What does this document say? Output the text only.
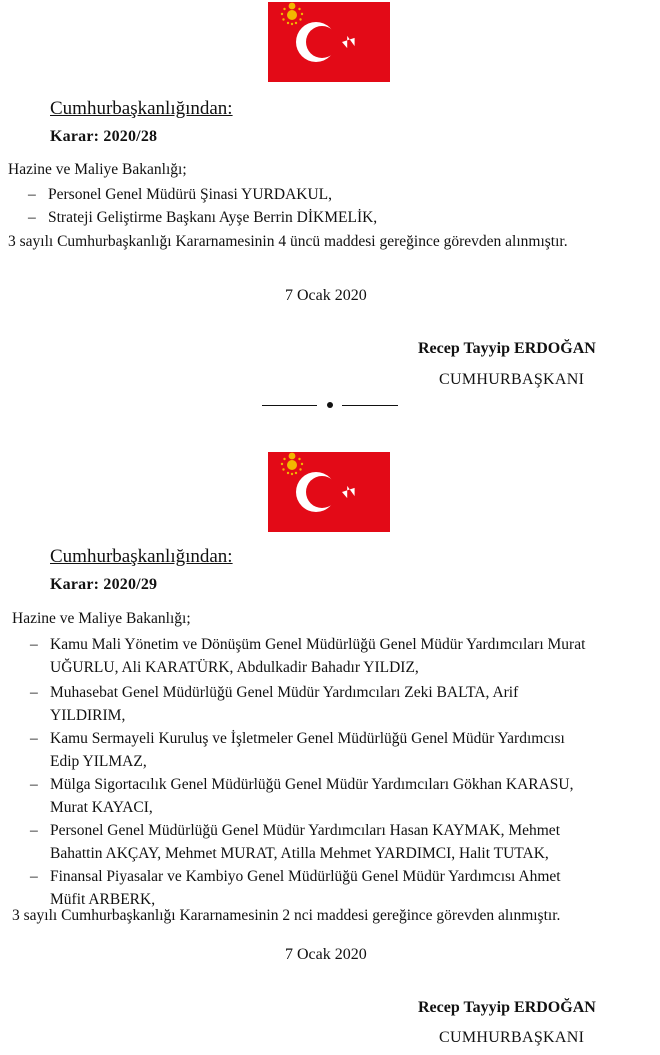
Cumhurbaşkanlığından:
Karar: 2020/28
Hazine ve Maliye Bakanlığı;
– Personel Genel Müdürü Şinasi YURDAKUL,
– Strateji Geliştirme Başkanı Ayşe Berrin DİKMELİK,
3 sayılı Cumhurbaşkanlığı Kararnamesinin 4 üncü maddesi gereğince görevden alınmıştır.
7 Ocak 2020
Recep Tayyip ERDOĞAN
CUMHURBAŞKANI
Cumhurbaşkanlığından:
Karar: 2020/29
Hazine ve Maliye Bakanlığı;
– Kamu Mali Yönetim ve Dönüşüm Genel Müdürlüğü Genel Müdür Yardımcıları Murat
UĞURLU, Ali KARATÜRK, Abdulkadir Bahadır YILDIZ,
– Muhasebat Genel Müdürlüğü Genel Müdür Yardımcıları Zeki BALTA, Arif
YILDIRIM,
– Kamu Sermayeli Kuruluş ve İşletmeler Genel Müdürlüğü Genel Müdür Yardımcısı
Edip YILMAZ,
– Mülga Sigortacılık Genel Müdürlüğü Genel Müdür Yardımcıları Gökhan KARASU,
Murat KAYACI,
– Personel Genel Müdürlüğü Genel Müdür Yardımcıları Hasan KAYMAK, Mehmet
Bahattin AKÇAY, Mehmet MURAT, Atilla Mehmet YARDIMCI, Halit TUTAK,
– Finansal Piyasalar ve Kambiyo Genel Müdürlüğü Genel Müdür Yardımcısı Ahmet
Müfit ARBERK,
3 sayılı Cumhurbaşkanlığı Kararnamesinin 2 nci maddesi gereğince görevden alınmıştır.
7 Ocak 2020
Recep Tayyip ERDOĞAN
CUMHURBAŞKANI
